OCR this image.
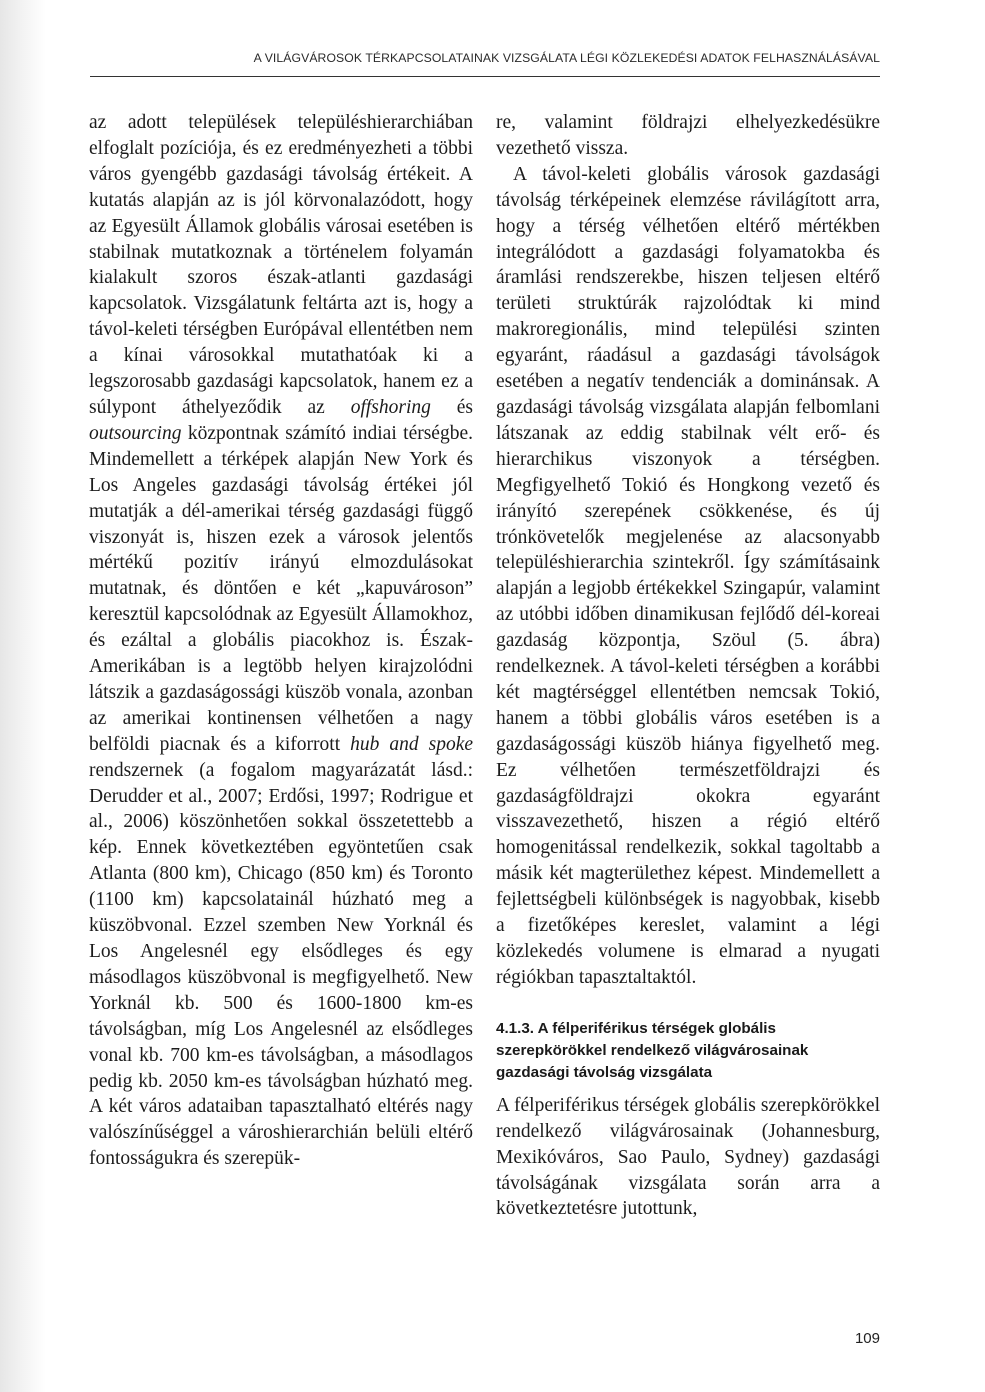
A VILÁGVÁROSOK TÉRKAPCSOLATAINAK VIZSGÁLATA LÉGI KÖZLEKEDÉSI ADATOK FELHASZNÁLÁSÁVAL

az adott települések településhierarchiában elfoglalt pozíciója, és ez eredményezheti a többi város gyengébb gazdasági távolság értékeit. A kutatás alapján az is jól körvonalazódott, hogy az Egyesült Államok globális városai esetében is stabilnak mutatkoznak a történelem folyamán kialakult szoros észak-atlanti gazdasági kapcsolatok. Vizsgálatunk feltárta azt is, hogy a távol-keleti térségben Európával ellentétben nem a kínai városokkal mutathatóak ki a legszorosabb gazdasági kapcsolatok, hanem ez a súlypont áthelyeződik az offshoring és outsourcing központnak számító indiai térségbe. Mindemellett a térképek alapján New York és Los Angeles gazdasági távolság értékei jól mutatják a dél-amerikai térség gazdasági függő viszonyát is, hiszen ezek a városok jelentős mértékű pozitív irányú elmozdulásokat mutatnak, és döntően e két „kapuvároson” keresztül kapcsolódnak az Egyesült Államokhoz, és ezáltal a globális piacokhoz is. Észak-Amerikában is a legtöbb helyen kirajzolódni látszik a gazdaságossági küszöb vonala, azonban az amerikai kontinensen vélhetően a nagy belföldi piacnak és a kiforrott hub and spoke rendszernek (a fogalom magyarázatát lásd.: Derudder et al., 2007; Erdősi, 1997; Rodrigue et al., 2006) köszönhetően sokkal összetettebb a kép. Ennek következtében egyöntetűen csak Atlanta (800 km), Chicago (850 km) és Toronto (1100 km) kapcsolatainál húzható meg a küszöbvonal. Ezzel szemben New Yorknál és Los Angelesnél egy elsődleges és egy másodlagos küszöbvonal is megfigyelhető. New Yorknál kb. 500 és 1600-1800 km-es távolságban, míg Los Angelesnél az elsődleges vonal kb. 700 km-es távolságban, a másodlagos pedig kb. 2050 km-es távolságban húzható meg. A két város adataiban tapasztalható eltérés nagy valószínűséggel a városhierarchián belüli eltérő fontosságukra és szerepük-

re, valamint földrajzi elhelyezkedésükre vezethető vissza.

A távol-keleti globális városok gazdasági távolság térképeinek elemzése rávilágított arra, hogy a térség vélhetően eltérő mértékben integrálódott a gazdasági folyamatokba és áramlási rendszerekbe, hiszen teljesen eltérő területi struktúrák rajzolódtak ki mind makroregionális, mind települési szinten egyaránt, ráadásul a gazdasági távolságok esetében a negatív tendenciák a dominánsak. A gazdasági távolság vizsgálata alapján felbomlani látszanak az eddig stabilnak vélt erő- és hierarchikus viszonyok a térségben. Megfigyelhető Tokió és Hongkong vezető és irányító szerepének csökkenése, és új trónkövetelők megjelenése az alacsonyabb településhierarchia szintekről. Így számításaink alapján a legjobb értékekkel Szingapúr, valamint az utóbbi időben dinamikusan fejlődő dél-koreai gazdaság központja, Szöul (5. ábra) rendelkeznek. A távol-keleti térségben a korábbi két magtérséggel ellentétben nemcsak Tokió, hanem a többi globális város esetében is a gazdaságossági küszöb hiánya figyelhető meg. Ez vélhetően természetföldrajzi és gazdaságföldrajzi okokra egyaránt visszavezethető, hiszen a régió eltérő homogenitással rendelkezik, sokkal tagoltabb a másik két magterülethez képest. Mindemellett a fejlettségbeli különbségek is nagyobbak, kisebb a fizetőképes kereslet, valamint a légi közlekedés volumene is elmarad a nyugati régiókban tapasztaltaktól.

4.1.3. A félperiférikus térségek globális szerepkörökkel rendelkező világvárosainak gazdasági távolság vizsgálata

A félperiférikus térségek globális szerepkörökkel rendelkező világvárosainak (Johannesburg, Mexikóváros, Sao Paulo, Sydney) gazdasági távolságának vizsgálata során arra a következtetésre jutottunk,

109
